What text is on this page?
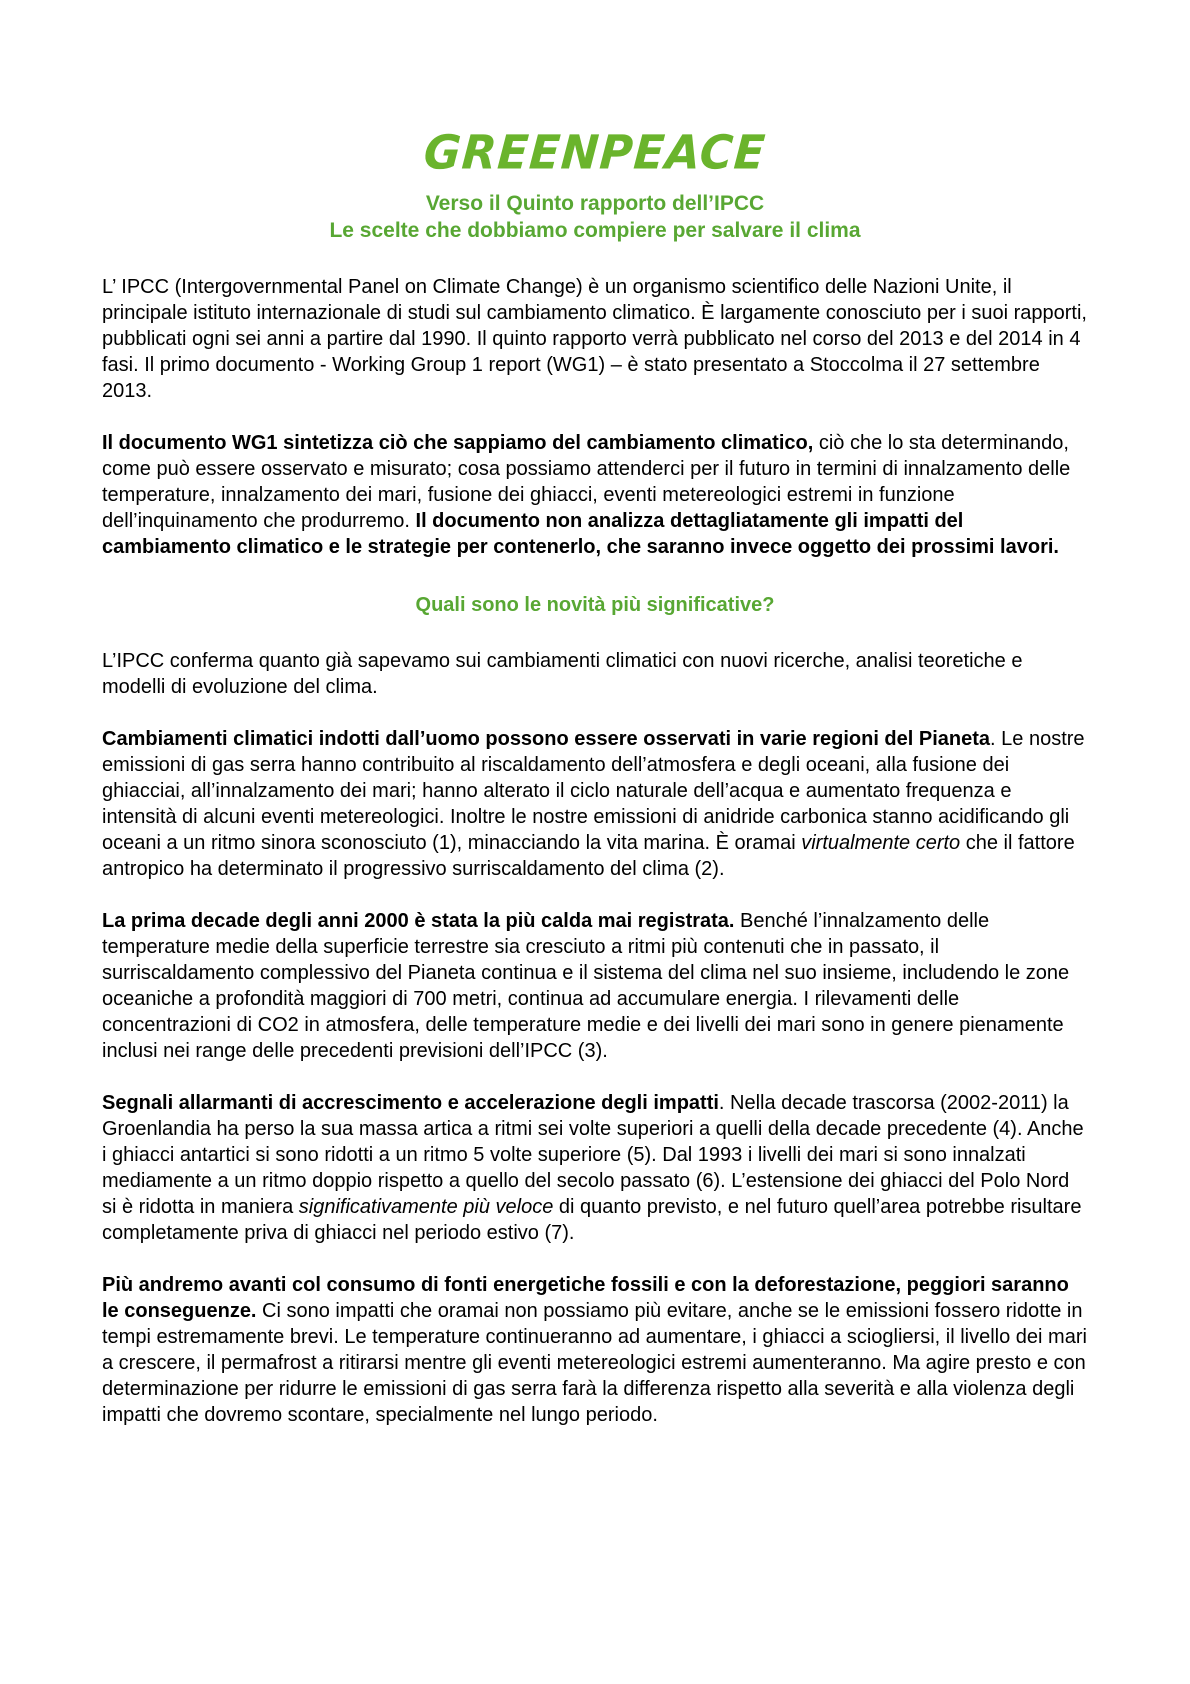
GREENPEACE
Verso il Quinto rapporto dell’IPCC
Le scelte che dobbiamo compiere per salvare il clima

L’ IPCC (Intergovernmental Panel on Climate Change) è un organismo scientifico delle Nazioni Unite, il principale istituto internazionale di studi sul cambiamento climatico. È largamente conosciuto per i suoi rapporti, pubblicati ogni sei anni a partire dal 1990. Il quinto rapporto verrà pubblicato nel corso del 2013 e del 2014 in 4 fasi. Il primo documento - Working Group 1 report (WG1) – è stato presentato a Stoccolma il 27 settembre 2013.

Il documento WG1 sintetizza ciò che sappiamo del cambiamento climatico, ciò che lo sta determinando, come può essere osservato e misurato; cosa possiamo attenderci per il futuro in termini di innalzamento delle temperature, innalzamento dei mari, fusione dei ghiacci, eventi metereologici estremi in funzione dell’inquinamento che produrremo. Il documento non analizza dettagliatamente gli impatti del cambiamento climatico e le strategie per contenerlo, che saranno invece oggetto dei prossimi lavori.

Quali sono le novità più significative?

L’IPCC conferma quanto già sapevamo sui cambiamenti climatici con nuovi ricerche, analisi teoretiche e modelli di evoluzione del clima.

Cambiamenti climatici indotti dall’uomo possono essere osservati in varie regioni del Pianeta. Le nostre emissioni di gas serra hanno contribuito al riscaldamento dell’atmosfera e degli oceani, alla fusione dei ghiacciai, all’innalzamento dei mari; hanno alterato il ciclo naturale dell’acqua e aumentato frequenza e intensità di alcuni eventi metereologici. Inoltre le nostre emissioni di anidride carbonica stanno acidificando gli oceani a un ritmo sinora sconosciuto (1), minacciando la vita marina. È oramai virtualmente certo che il fattore antropico ha determinato il progressivo surriscaldamento del clima (2).

La prima decade degli anni 2000 è stata la più calda mai registrata. Benché l’innalzamento delle temperature medie della superficie terrestre sia cresciuto a ritmi più contenuti che in passato, il surriscaldamento complessivo del Pianeta continua e il sistema del clima nel suo insieme, includendo le zone oceaniche a profondità maggiori di 700 metri, continua ad accumulare energia. I rilevamenti delle concentrazioni di CO2 in atmosfera, delle temperature medie e dei livelli dei mari sono in genere pienamente inclusi nei range delle precedenti previsioni dell’IPCC (3).

Segnali allarmanti di accrescimento e accelerazione degli impatti. Nella decade trascorsa (2002-2011) la Groenlandia ha perso la sua massa artica a ritmi sei volte superiori a quelli della decade precedente (4). Anche i ghiacci antartici si sono ridotti a un ritmo 5 volte superiore (5). Dal 1993 i livelli dei mari si sono innalzati mediamente a un ritmo doppio rispetto a quello del secolo passato (6). L’estensione dei ghiacci del Polo Nord si è ridotta in maniera significativamente più veloce di quanto previsto, e nel futuro quell’area potrebbe risultare completamente priva di ghiacci nel periodo estivo (7).

Più andremo avanti col consumo di fonti energetiche fossili e con la deforestazione, peggiori saranno le conseguenze. Ci sono impatti che oramai non possiamo più evitare, anche se le emissioni fossero ridotte in tempi estremamente brevi. Le temperature continueranno ad aumentare, i ghiacci a sciogliersi, il livello dei mari a crescere, il permafrost a ritirarsi mentre gli eventi metereologici estremi aumenteranno. Ma agire presto e con determinazione per ridurre le emissioni di gas serra farà la differenza rispetto alla severità e alla violenza degli impatti che dovremo scontare, specialmente nel lungo periodo.
